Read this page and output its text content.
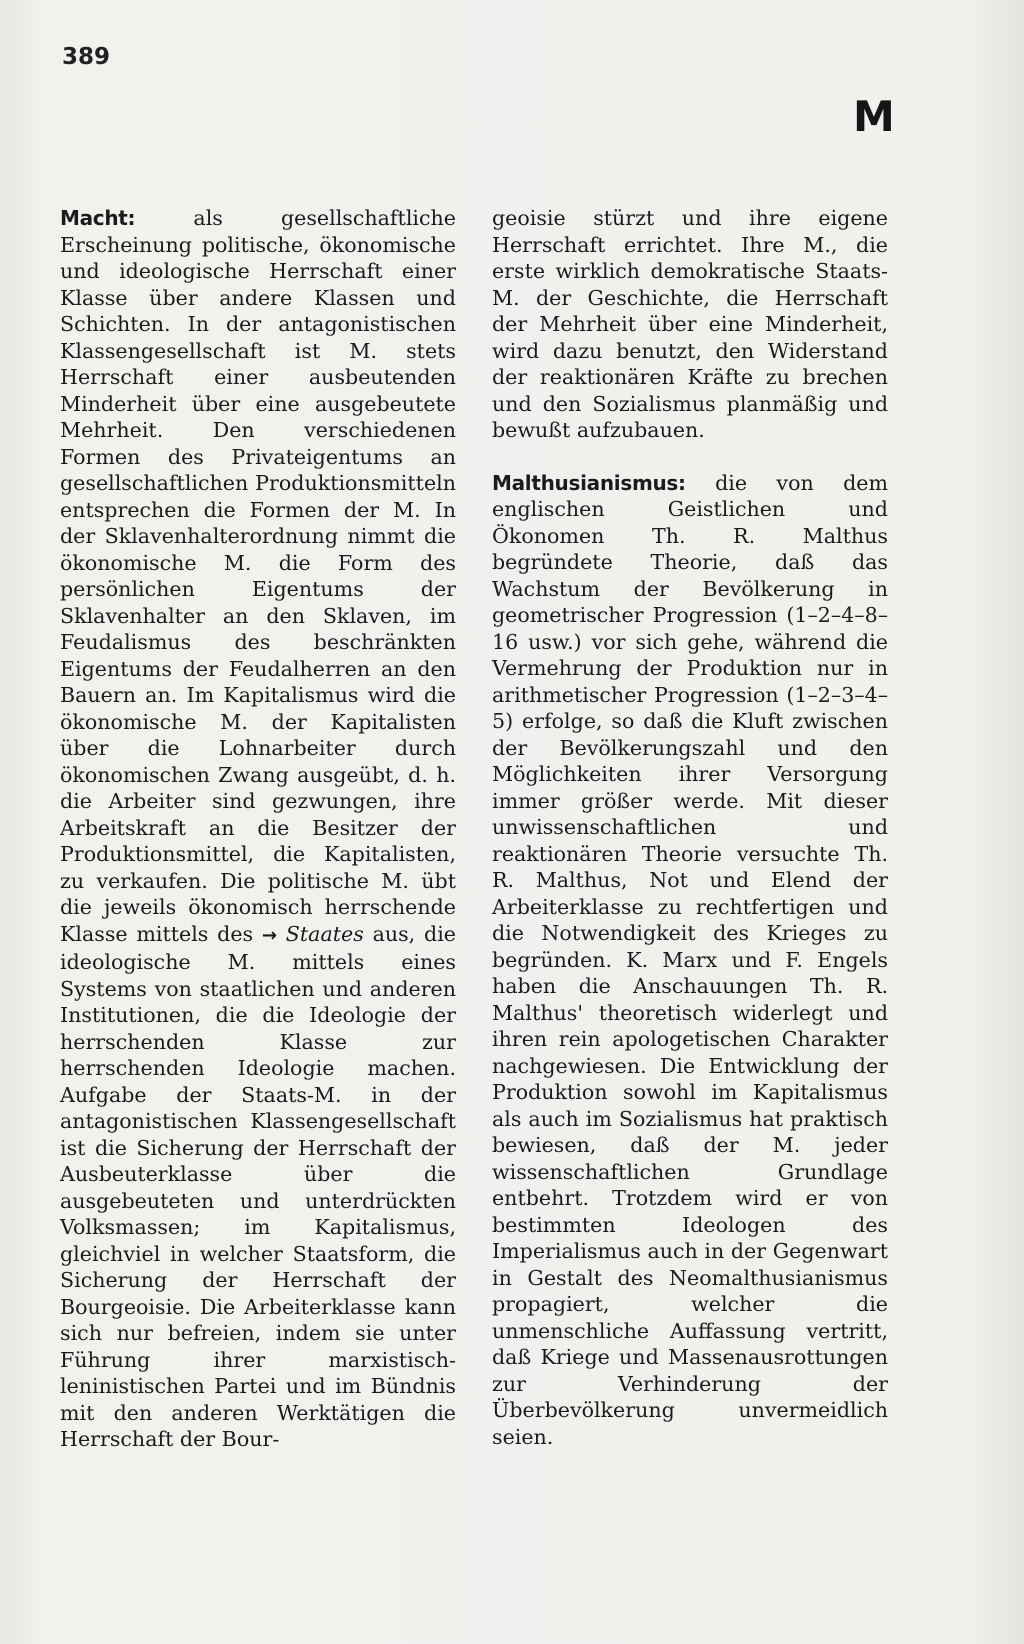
389
M

Macht: als gesellschaftliche Erscheinung politische, ökonomische und ideologische Herrschaft einer Klasse über andere Klassen und Schichten. In der antagonistischen Klassengesellschaft ist M. stets Herrschaft einer ausbeutenden Minderheit über eine ausgebeutete Mehrheit. Den verschiedenen Formen des Privateigentums an gesellschaftlichen Produktionsmitteln entsprechen die Formen der M. In der Sklavenhalterordnung nimmt die ökonomische M. die Form des persönlichen Eigentums der Sklavenhalter an den Sklaven, im Feudalismus des beschränkten Eigentums der Feudalherren an den Bauern an. Im Kapitalismus wird die ökonomische M. der Kapitalisten über die Lohnarbeiter durch ökonomischen Zwang ausgeübt, d. h. die Arbeiter sind gezwungen, ihre Arbeitskraft an die Besitzer der Produktionsmittel, die Kapitalisten, zu verkaufen. Die politische M. übt die jeweils ökonomisch herrschende Klasse mittels des → Staates aus, die ideologische M. mittels eines Systems von staatlichen und anderen Institutionen, die die Ideologie der herrschenden Klasse zur herrschenden Ideologie machen. Aufgabe der Staats-M. in der antagonistischen Klassengesellschaft ist die Sicherung der Herrschaft der Ausbeuterklasse über die ausgebeuteten und unterdrückten Volksmassen; im Kapitalismus, gleichviel in welcher Staatsform, die Sicherung der Herrschaft der Bourgeoisie. Die Arbeiterklasse kann sich nur befreien, indem sie unter Führung ihrer marxistisch-leninistischen Partei und im Bündnis mit den anderen Werktätigen die Herrschaft der Bour-

geoisie stürzt und ihre eigene Herrschaft errichtet. Ihre M., die erste wirklich demokratische Staats-M. der Geschichte, die Herrschaft der Mehrheit über eine Minderheit, wird dazu benutzt, den Widerstand der reaktionären Kräfte zu brechen und den Sozialismus planmäßig und bewußt aufzubauen.

Malthusianismus: die von dem englischen Geistlichen und Ökonomen Th. R. Malthus begründete Theorie, daß das Wachstum der Bevölkerung in geometrischer Progression (1–2–4–8–16 usw.) vor sich gehe, während die Vermehrung der Produktion nur in arithmetischer Progression (1–2–3–4–5) erfolge, so daß die Kluft zwischen der Bevölkerungszahl und den Möglichkeiten ihrer Versorgung immer größer werde. Mit dieser unwissenschaftlichen und reaktionären Theorie versuchte Th. R. Malthus, Not und Elend der Arbeiterklasse zu rechtfertigen und die Notwendigkeit des Krieges zu begründen. K. Marx und F. Engels haben die Anschauungen Th. R. Malthus' theoretisch widerlegt und ihren rein apologetischen Charakter nachgewiesen. Die Entwicklung der Produktion sowohl im Kapitalismus als auch im Sozialismus hat praktisch bewiesen, daß der M. jeder wissenschaftlichen Grundlage entbehrt. Trotzdem wird er von bestimmten Ideologen des Imperialismus auch in der Gegenwart in Gestalt des Neomalthusianismus propagiert, welcher die unmenschliche Auffassung vertritt, daß Kriege und Massenausrottungen zur Verhinderung der Überbevölkerung unvermeidlich seien.
